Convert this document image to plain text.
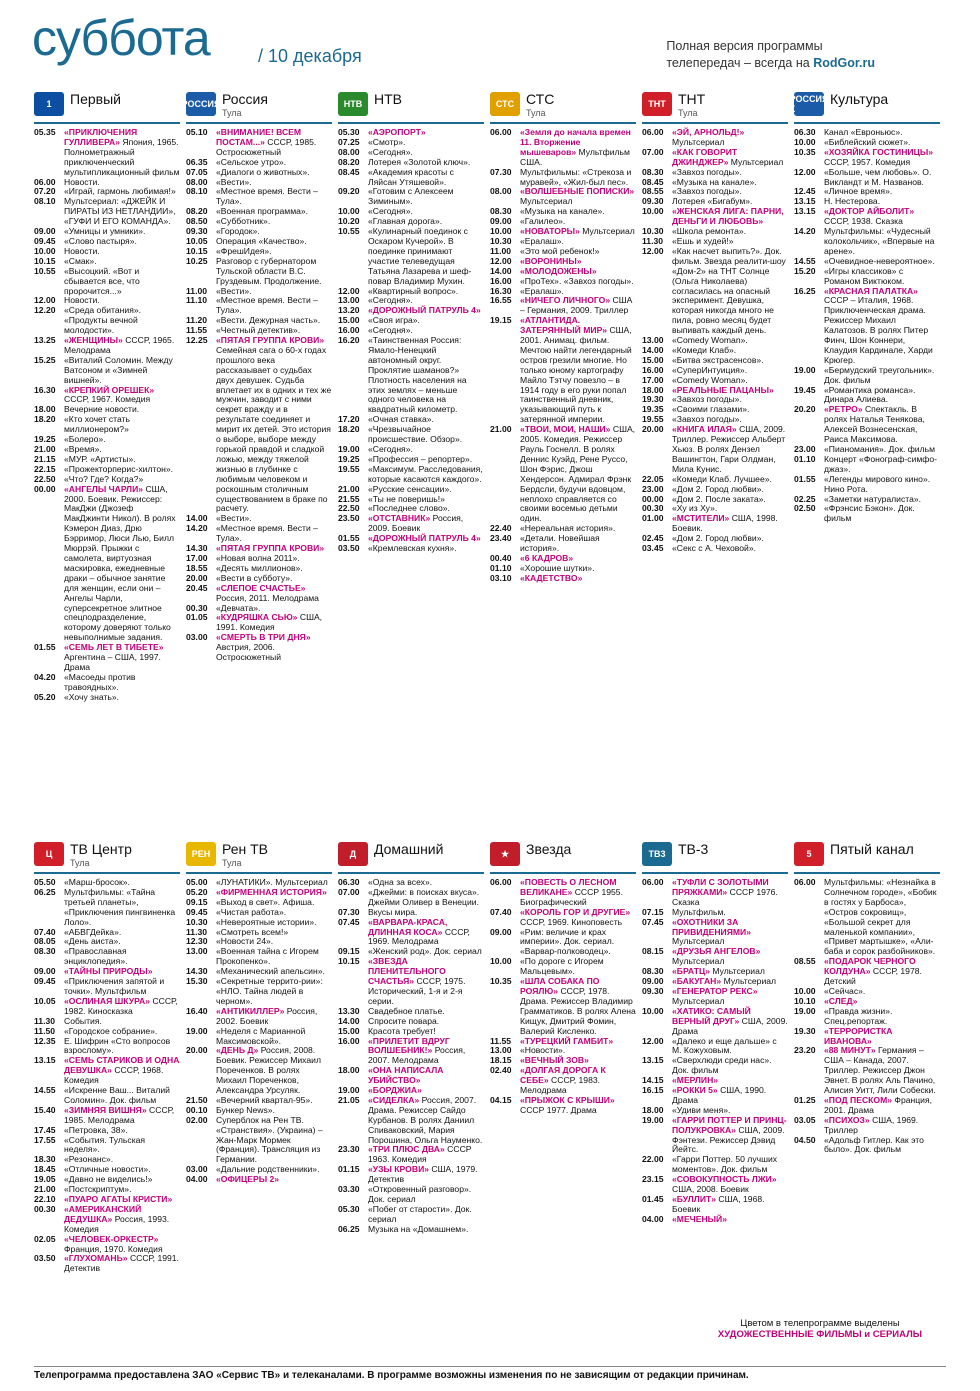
суббота	/ 10 декабря	Полная версия программы
телепередач – всегда на RodGor.ru
1	Первый
05.35 «ПРИКЛЮЧЕНИЯ ГУЛЛИВЕРА» Япония, 1965. Полнометражный приключенческий мультипликационный фильм
06.00 Новости.
07.20 «Играй, гармонь любимая!»
08.10 Мультсериал: «ДЖЕЙК И ПИРАТЫ ИЗ НЕТЛАНДИИ», «ГУФИ И ЕГО КОМАНДА».
09.00 «Умницы и умники».
09.45 «Слово пастыря».
10.00 Новости.
10.15 «Смак».
10.55 «Высоцкий. «Вот и сбывается все, что пророчится...»
12.00 Новости.
12.20 «Среда обитания». «Продукты вечной молодости».
13.25 «ЖЕНЩИНЫ» СССР, 1965. Мелодрама
15.25 «Виталий Соломин. Между Ватсоном и «Зимней вишней».
16.30 «КРЕПКИЙ ОРЕШЕК» СССР, 1967. Комедия
18.00 Вечерние новости.
18.20 «Кто хочет стать миллионером?»
19.25 «Болеро».
21.00 «Время».
21.15 «МУР. «Артисты».
22.15 «Прожекторперис-хилтон».
22.50 «Что? Где? Когда?»
00.00 «АНГЕЛЫ ЧАРЛИ» США, 2000. Боевик. Режиссер: МакДжи (Джозеф МакДжинти Никол). В ролях Кэмерон Диаз, Дрю Бэрримор, Люси Лью, Билл Мюррэй. Прыжки с самолета, виртуозная маскировка, ежедневные драки – обычное занятие для женщин, если они – Ангелы Чарли, суперсекретное элитное спецподразделение, которому доверяют только невыполнимые задания.
01.55 «СЕМЬ ЛЕТ В ТИБЕТЕ» Аргентина – США, 1997. Драма
04.20 «Масоеды против травоядных».
05.20 «Хочу знать».
РОССИЯ Россия
Тула
05.10 «ВНИМАНИЕ! ВСЕМ ПОСТАМ...» СССР, 1985. Остросюжетный
06.35 «Сельское утро».
07.05 «Диалоги о животных».
08.00 «Вести».
08.10 «Местное время. Вести – Тула».
08.20 «Военная программа».
08.50 «Субботник».
09.30 «Городок».
10.05 Операция «Качество».
10.15 «ФрешИдея».
10.25 Разговор с губернатором Тульской области В.С. Груздевым. Продолжение.
11.00	«Вести».
11.10	«Местное время. Вести – Тула».
11.20	«Вести. Дежурная часть».
11.55	«Честный детектив».
12.25 «ПЯТАЯ ГРУППА КРОВИ» Семейная сага о 60-х годах прошлого века рассказывает о судьбах двух девушек. Судьба вплетает их в одних и тех же мужчин, заводит с ними секрет вражду и в результате соединяет и мирит их детей. Это история о выборе, выборе между горькой правдой и сладкой ложью, между тяжелой жизнью в глубинке с любимым человеком и роскошным столичным существованием в браке по расчету.
14.00 «Вести».
14.20 «Местное время. Вести – Тула».
14.30 «ПЯТАЯ ГРУППА КРОВИ»
17.00 «Новая волна 2011».
18.55 «Десять миллионов».
20.00 «Вести в субботу».
20.45 «СЛЕПОЕ СЧАСТЬЕ» Россия, 2011. Мелодрама
00.30 «Девчата».
01.05 «КУДРЯШКА СЬЮ» США, 1991. Комедия
03.00 «СМЕРТЬ В ТРИ ДНЯ» Австрия, 2006. Остросюжетный
НТВ НТВ
05.30 «АЭРОПОРТ»
07.25 «Смотр».
08.00 «Сегодня».
08.20 Лотерея «Золотой ключ».
08.45 «Академия красоты с Ляйсан Утяшевой».
09.20 «Готовим с Алексеем Зиминым».
10.00 «Сегодня».
10.20 «Главная дорога».
10.55 «Кулинарный поединок с Оскаром Кучерой». В поединке принимают участие телеведущая Татьяна Лазарева и шеф-повар Владимир Мухин.
12.00 «Квартирный вопрос».
13.00 «Сегодня».
13.20 «ДОРОЖНЫЙ ПАТРУЛЬ 4»
15.00 «Своя игра».
16.00 «Сегодня».
16.20 «Таинственная Россия: Ямало-Ненецкий автономный округ. Проклятие шаманов?» Плотность населения на этих землях – меньше одного человека на квадратный километр.
17.20 «Очная ставка».
18.20 «Чрезвычайное происшествие. Обзор».
19.00 «Сегодня».
19.25 «Профессия – репортер».
19.55 «Максимум. Расследования, которые касаются каждого».
21.00 «Русские сенсации».
21.55 «Ты не поверишь!»
22.50 «Последнее слово».
23.50 «ОТСТАВНИК» Россия, 2009. Боевик
01.55 «ДОРОЖНЫЙ ПАТРУЛЬ 4»
03.50 «Кремлевская кухня».
СТС СТС
Тула
06.00 «Земля до начала времен 11. Вторжение мышеваров» Мультфильм США.
07.30 Мультфильмы: «Стрекоза и муравей», «Жил-был пес».
08.00 «ВОЛШЕБНЫЕ ПОПИСКИ» Мультсериал
08.30 «Музыка на канале».
09.00 «Галилео».
10.00 «НОВАТОРЫ» Мультсериал
10.30 «Ералаш».
11.00	«Это мой ребенок!»
12.00 «ВОРОНИНЫ»
14.00 «МОЛОДОЖЕНЫ»
16.00 «ПроТех». «Завхоз погоды».
16.30 «Ералаш».
16.55 «НИЧЕГО ЛИЧНОГО» США – Германия, 2009. Триллер
19.15 «АТЛАНТИДА. ЗАТЕРЯННЫЙ МИР» США, 2001. Анимац. фильм. Мечтою найти легендарный остров грезили многие. Но только юному картографу Майло Тэтчу повезло – в 1914 году в его руки попал таинственный дневник, указывающий путь к затерянной империи.
21.00 «ТВОИ, МОИ, НАШИ» США, 2005. Комедия. Режиссер Рауль Госнелл. В ролях Деннис Куэйд, Рене Руссо, Шон Фэрис, Джош Хендерсон. Адмирал Фрэнк Бердсли, будучи вдовцом, неплохо справляется со своими восемью детьми один.
22.40 «Нереальная история».
23.40 «Детали. Новейшая история».
00.40 «6 КАДРОВ»
01.10 «Хорошие шутки».
03.10 «КАДЕТСТВО»
ТНТ ТНТ
Тула
06.00 «ЭЙ, АРНОЛЬД!» Мультсериал
07.00 «КАК ГОВОРИТ ДЖИНДЖЕР» Мультсериал
08.30 «Завхоз погоды».
08.45 «Музыка на канале».
08.55 «Завхоз погоды».
09.30 Лотерея «Бигабум».
10.00 «ЖЕНСКАЯ ЛИГА: ПАРНИ, ДЕНЬГИ И ЛЮБОВЬ»
10.30 «Школа ремонта».
11.30	«Ешь и худей!»
12.00 «Как насчет выпить?». Док. фильм. Звезда реалити-шоу «Дом-2» на ТНТ Солнце (Ольга Николаева) согласилась на опасный эксперимент. Девушка, которая никогда много не пила, ровно месяц будет выпивать каждый день.
13.00 «Comedy Woman».
14.00 «Комеди Клаб».
15.00 «Битва экстрасенсов».
16.00 «СуперИнтуиция».
17.00 «Comedy Woman».
18.00 «РЕАЛЬНЫЕ ПАЦАНЫ»
19.30 «Завхоз погоды».
19.35 «Своими глазами».
19.55 «Завхоз погоды».
20.00 «КНИГА ИЛАЯ» США, 2009. Триллер. Режиссер Альберт Хьюз. В ролях Дензел Вашингтон, Гари Олдман, Мила Кунис.
22.05 «Комеди Клаб. Лучшее».
23.00 «Дом 2. Город любви».
00.00 «Дом 2. После заката».
00.30 «Ху из Ху».
01.00 «МСТИТЕЛИ» США, 1998. Боевик.
02.45 «Дом 2. Город любви».
03.45 «Секс с А. Чеховой».
РОССИЯ К
Культура
06.30 Канал «Евроньюс».
10.00 «Библейский сюжет».
10.35 «ХОЗЯЙКА ГОСТИНИЦЫ» СССР, 1957. Комедия
12.00 «Больше, чем любовь». О. Викландт и М. Названов.
12.45 «Личное время».
13.15 Н. Нестерова.
13.15 «ДОКТОР АЙБОЛИТ» СССР, 1938. Сказка
14.20 Мультфильмы: «Чудесный колокольчик», «Впервые на арене».
14.55 «Очевидное-невероятное».
15.20 «Игры классиков» с Романом Виктюком.
16.25 «КРАСНАЯ ПАЛАТКА» СССР – Италия, 1968. Приключенческая драма. Режиссер Михаил Калатозов. В ролях Питер Финч, Шон Коннери, Клаудия Кардинале, Харди Крюгер.
19.00 «Бермудский треугольник». Док. фильм
19.45 «Романтика романса». Динара Алиева.
20.20 «РЕТРО» Спектакль. В ролях Наталья Тенякова, Алексей Вознесенская, Раиса Максимова.
23.00 «Пианомания». Док. фильм
01.10 Концерт «Фонограф-симфо-джаз».
01.55 «Легенды мирового кино». Нино Рота.
02.25 «Заметки натуралиста».
02.50 «Фрэнсис Бэкон». Док. фильм
Ц	ТВ Центр
Тула
05.50 «Марш-бросок».
06.25 Мультфильмы: «Тайна третьей планеты», «Приключения пингвиненка Лоло».
07.40 «АБВГДейка».
08.05 «День аиста».
08.30 «Православная энциклопедия».
09.00 «ТАЙНЫ ПРИРОДЫ»
09.45 «Приключения запятой и точки». Мультфильм
10.05 «ОСЛИНАЯ ШКУРА» СССР, 1982. Киносказка
11.30	События.
11.50	«Городское собрание».
12.35 Е. Шифрин «Сто вопросов взрослому».
13.15 «СЕМЬ СТАРИКОВ И ОДНА ДЕВУШКА» СССР, 1968. Комедия
14.55 «Искренне Ваш... Виталий Соломин». Док. фильм
15.40 «ЗИМНЯЯ ВИШНЯ» СССР, 1985. Мелодрама
17.45 «Петровка, 38».
17.55 «События. Тульская неделя».
18.30 «Резонанс».
18.45 «Отличные новости».
19.05 «Давно не виделись!»
21.00 «Постскриптум».
22.10 «ПУАРО АГАТЫ КРИСТИ»
00.30 «АМЕРИКАНСКИЙ ДЕДУШКА» Россия, 1993. Комедия
02.05 «ЧЕЛОВЕК-ОРКЕСТР» Франция, 1970. Комедия
03.50 «ГЛУХОМАНЬ» СССР, 1991. Детектив
РЕН Рен ТВ
Тула
05.00 «ЛУНАТИКИ». Мультсериал
05.20 «ФИРМЕННАЯ ИСТОРИЯ»
09.15 «Выход в свет». Афиша.
09.45 «Чистая работа».
10.30 «Невероятные истории».
11.30	«Смотреть всем!»
12.30 «Новости 24».
13.00 «Военная тайна с Игорем Прокопенко».
14.30 «Механический апельсин».
15.30 «Секретные террито-рии»: «НЛО. Тайна людей в черном».
16.40 «АНТИКИЛЛЕР» Россия, 2002. Боевик
19.00 «Неделя с Марианной Максимовской».
20.00 «ДЕНЬ Д» Россия, 2008. Боевик. Режиссер Михаил Пореченков. В ролях Михаил Пореченков, Александра Урсуляк.
21.50 «Вечерний квартал-95».
00.10 Бункер News».
02.00 Суперблок на Рен ТВ. «Странствия». (Украина) – Жан-Марк Мормек (Франция). Трансляция из Германии.
03.00 «Дальние родственники».
04.00 «ОФИЦЕРЫ 2»
Д	Домашний
06.30 «Одна за всех».
07.00 «Джейми: в поисках вкуса». Джейми Оливер в Венеции.
07.30 Вкусы мира.
07.45 «ВАРВАРА-КРАСА, ДЛИННАЯ КОСА» СССР, 1969. Мелодрама
09.15 «Женский род». Док. сериал
10.15 «ЗВЕЗДА ПЛЕНИТЕЛЬНОГО СЧАСТЬЯ» СССР, 1975. Исторический, 1-я и 2-я серии.
13.30 Свадебное платье.
14.00 Спросите повара.
15.00 Красота требует!
16.00 «ПРИЛЕТИТ ВДРУГ ВОЛШЕБНИК!» Россия, 2007. Мелодрама
18.00 «ОНА НАПИСАЛА УБИЙСТВО»
19.00 «БОРДЖИА»
21.05 «СИДЕЛКА» Россия, 2007. Драма. Режиссер Сайдо Курбанов. В ролях Даниил Спиваковский, Мария Порошина, Ольга Науменко.
23.30 «ТРИ ПЛЮС ДВА» СССР 1963. Комедия
01.15 «УЗЫ КРОВИ» США, 1979. Детектив
03.30 «Откровенный разговор». Док. сериал
05.30 «Побег от старости». Док. сериал
06.25 Музыка на «Домашнем».
★	Звезда
06.00 «ПОВЕСТЬ О ЛЕСНОМ ВЕЛИКАНЕ» СССР 1955. Биографический
07.40 «КОРОЛЬ ГОР И ДРУГИЕ» СССР, 1969. Киноповесть
09.00 «Рим: величие и крах империи». Док. сериал. «Варвар-полководец».
10.00 «По дороге с Игорем Мальцевым».
10.35 «ШЛА СОБАКА ПО РОЯЛЮ» СССР, 1978. Драма. Режиссер Владимир Грамматиков. В ролях Алена Кищук, Дмитрий Фомин, Валерий Кисленко.
11.55	«ТУРЕЦКИЙ ГАМБИТ»
13.00 «Новости».
18.15 «ВЕЧНЫЙ ЗОВ»
02.40 «ДОЛГАЯ ДОРОГА К СЕБЕ» СССР, 1983. Мелодрама
04.15 «ПРЫЖОК С КРЫШИ» СССР 1977. Драма
ТВ3 ТВ-3
06.00 «ТУФЛИ С ЗОЛОТЫМИ ПРЯЖКАМИ» СССР 1976. Сказка
07.15 Мультфильм.
07.45 «ОХОТНИКИ ЗА ПРИВИДЕНИЯМИ» Мультсериал
08.15 «ДРУЗЬЯ АНГЕЛОВ» Мультсериал
08.30 «БРАТЦ» Мультсериал
09.00 «БАКУГАН» Мультсериал
09.30 «ГЕНЕРАТОР РЕКС» Мультсериал
10.00 «ХАТИКО: САМЫЙ ВЕРНЫЙ ДРУГ» США, 2009. Драма
12.00 «Далеко и еще дальше» с М. Кожуховым.
13.15 «Сверхлюди среди нас». Док. фильм
14.15 «МЕРЛИН»
16.15 «РОККИ 5» США, 1990. Драма
18.00 «Удиви меня».
19.00 «ГАРРИ ПОТТЕР И ПРИНЦ-ПОЛУКРОВКА» США, 2009. Фэнтези. Режиссер Дэвид Йейтс.
22.00 «Гарри Поттер. 50 лучших моментов». Док. фильм
23.15 «СОВОКУПНОСТЬ ЛЖИ» США, 2008. Боевик
01.45 «БУЛЛИТ» США, 1968. Боевик
04.00 «МЕЧЕНЫЙ»
5	Пятый канал
06.00 Мультфильмы: «Незнайка в Солнечном городе», «Бобик в гостях у Барбоса», «Остров сокровищ», «Большой секрет для маленькой компании», «Привет мартышке», «Али-баба и сорок разбойников».
08.55 «ПОДАРОК ЧЕРНОГО КОЛДУНА» СССР, 1978. Детский
10.00 «Сейчас».
10.10 «СЛЕД»
19.00 «Правда жизни». Спец.репортаж.
19.30 «ТЕРРОРИСТКА ИВАНОВА»
23.20 «88 МИНУТ» Германия – США – Канада, 2007. Триллер. Режиссер Джон Эвнет. В ролях Аль Пачино, Алисия Уитт, Лили Собески.
01.25 «ПОД ПЕСКОМ» Франция, 2001. Драма
03.05 «ПСИХОЗ» США, 1969. Триллер
04.50 «Адольф Гитлер. Как это было». Док. фильм
Цветом в телепрограмме выделены
ХУДОЖЕСТВЕННЫЕ ФИЛЬМЫ и СЕРИАЛЫ
Телепрограмма предоставлена ЗАО «Сервис ТВ» и телеканалами. В программе возможны изменения по не зависящим от редакции причинам.
